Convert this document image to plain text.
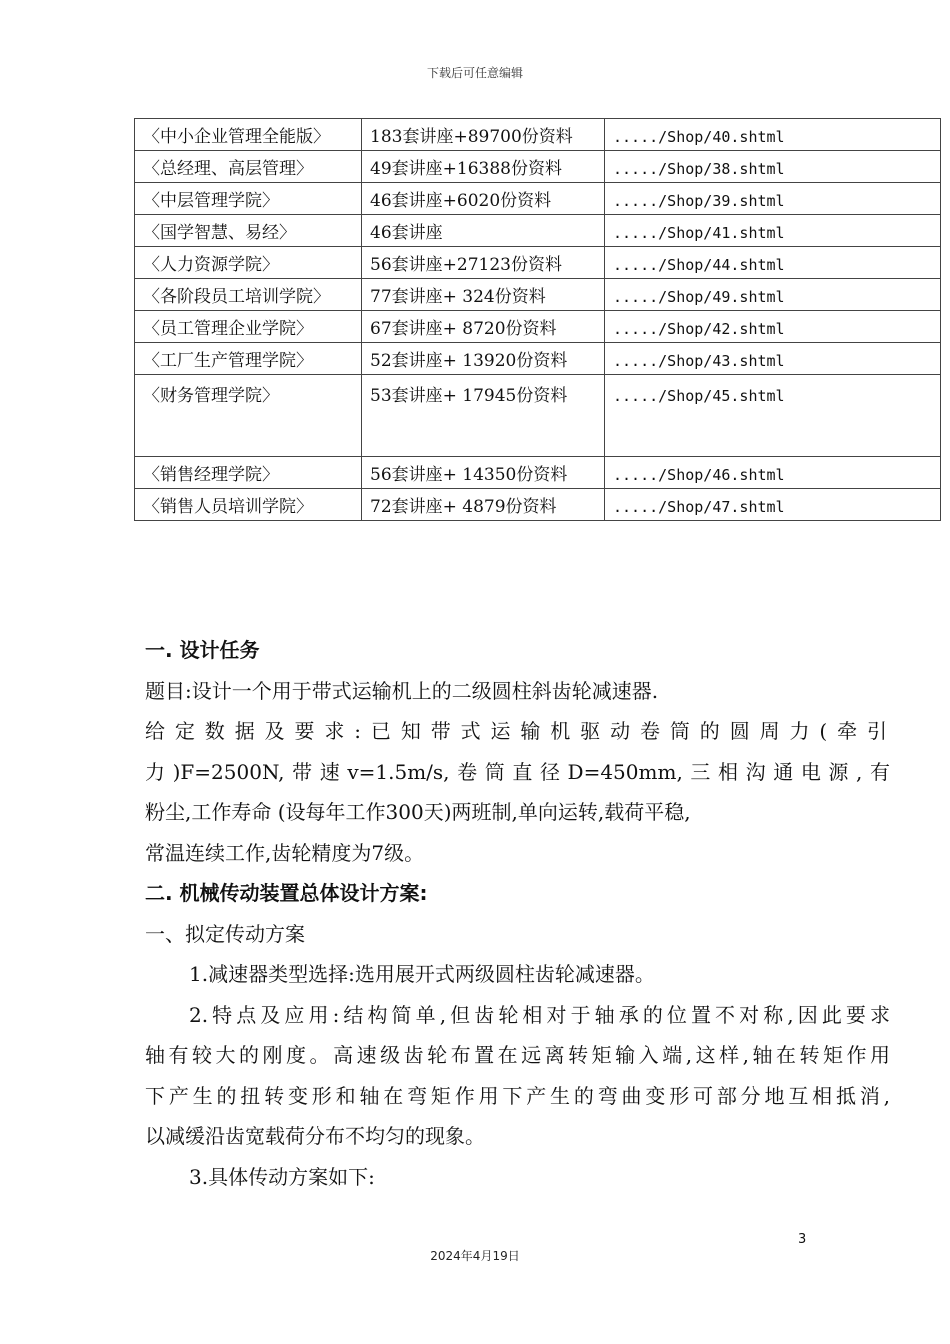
下载后可任意编辑
〈中小企业管理全能版〉	183套讲座+89700份资料	...../Shop/40.shtml
〈总经理、高层管理〉	49套讲座+16388份资料	...../Shop/38.shtml
〈中层管理学院〉	46套讲座+6020份资料	...../Shop/39.shtml
〈国学智慧、易经〉	46套讲座	...../Shop/41.shtml
〈人力资源学院〉	56套讲座+27123份资料	...../Shop/44.shtml
〈各阶段员工培训学院〉	77套讲座+ 324份资料	...../Shop/49.shtml
〈员工管理企业学院〉	67套讲座+ 8720份资料	...../Shop/42.shtml
〈工厂生产管理学院〉	52套讲座+ 13920份资料	...../Shop/43.shtml
〈财务管理学院〉	53套讲座+ 17945份资料	...../Shop/45.shtml
〈销售经理学院〉	56套讲座+ 14350份资料	...../Shop/46.shtml
〈销售人员培训学院〉	72套讲座+ 4879份资料	...../Shop/47.shtml

一. 设计任务

题目:设计一个用于带式运输机上的二级圆柱斜齿轮减速器.

给定数据及要求:已知带式运输机驱动卷筒的圆周力(牵引

力)F=2500N,带速v=1.5m/s,卷筒直径D=450mm,三相沟通电源,有

粉尘,工作寿命 (设每年工作300天)两班制,单向运转,载荷平稳,

常温连续工作,齿轮精度为7级。

二. 机械传动装置总体设计方案:

一、拟定传动方案

1.减速器类型选择:选用展开式两级圆柱齿轮减速器。

2.特点及应用:结构简单,但齿轮相对于轴承的位置不对称,因此要求

轴有较大的刚度。高速级齿轮布置在远离转矩输入端,这样,轴在转矩作用

下产生的扭转变形和轴在弯矩作用下产生的弯曲变形可部分地互相抵消,

以减缓沿齿宽载荷分布不均匀的现象。

3.具体传动方案如下:

3
2024年4月19日
